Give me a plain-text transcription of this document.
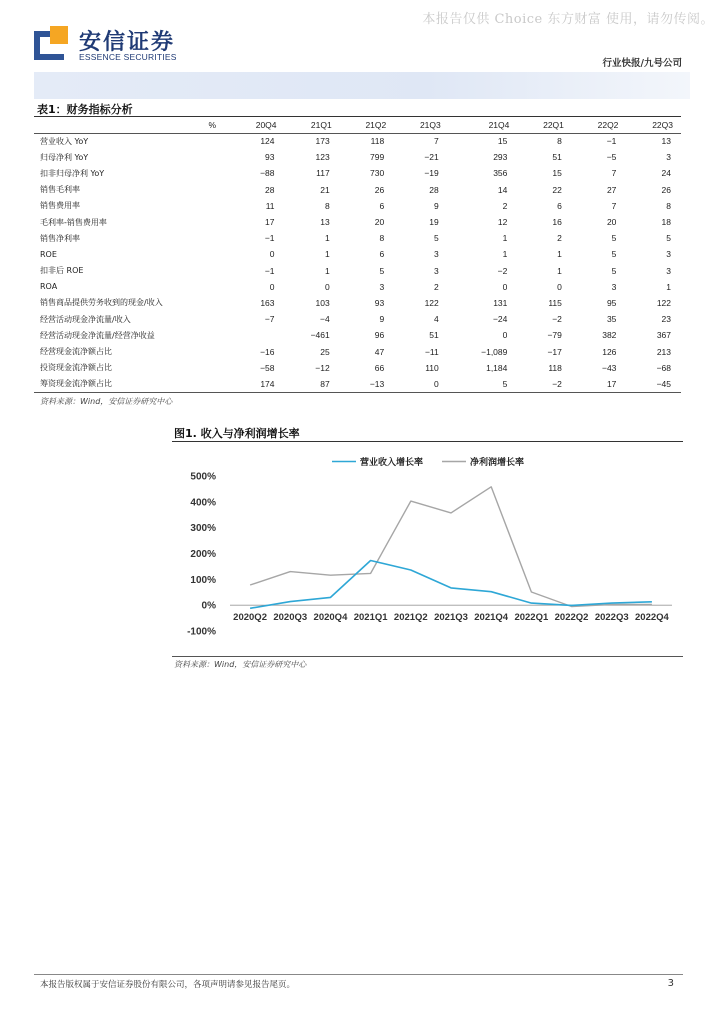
本报告仅供 Choice 东方财富 使用，请勿传阅。
安信证券
ESSENCE SECURITIES
行业快报/九号公司
表1：财务指标分析
%	20Q4	21Q1	21Q2	21Q3	21Q4	22Q1	22Q2	22Q3
营业收入 YoY	124	173	118	7	15	8	−1	13
归母净利 YoY	93	123	799	−21	293	51	−5	3
扣非归母净利 YoY	−88	117	730	−19	356	15	7	24
销售毛利率	28	21	26	28	14	22	27	26
销售费用率	11	8	6	9	2	6	7	8
毛利率-销售费用率	17	13	20	19	12	16	20	18
销售净利率	−1	1	8	5	1	2	5	5
ROE	0	1	6	3	1	1	5	3
扣非后 ROE	−1	1	5	3	−2	1	5	3
ROA	0	0	3	2	0	0	3	1
销售商品提供劳务收到的现金/收入	163	103	93	122	131	115	95	122
经营活动现金净流量/收入	−7	−4	9	4	−24	−2	35	23
经营活动现金净流量/经营净收益		−461	96	51	0	−79	382	367
经营现金流净额占比	−16	25	47	−11	−1,089	−17	126	213
投资现金流净额占比	−58	−12	66	110	1,184	118	−43	−68
筹资现金流净额占比	174	87	−13	0	5	−2	17	−45
资料来源：Wind，安信证券研究中心
图1. 收入与净利润增长率
500%
400%
300%
200%
100%
0%
-100%
2020Q2 2020Q3 2020Q4 2021Q1 2021Q2 2021Q3 2021Q4 2022Q1 2022Q2 2022Q3 2022Q4
营业收入增长率	净利润增长率
资料来源：Wind，安信证券研究中心
本报告版权属于安信证券股份有限公司，各项声明请参见报告尾页。	3
